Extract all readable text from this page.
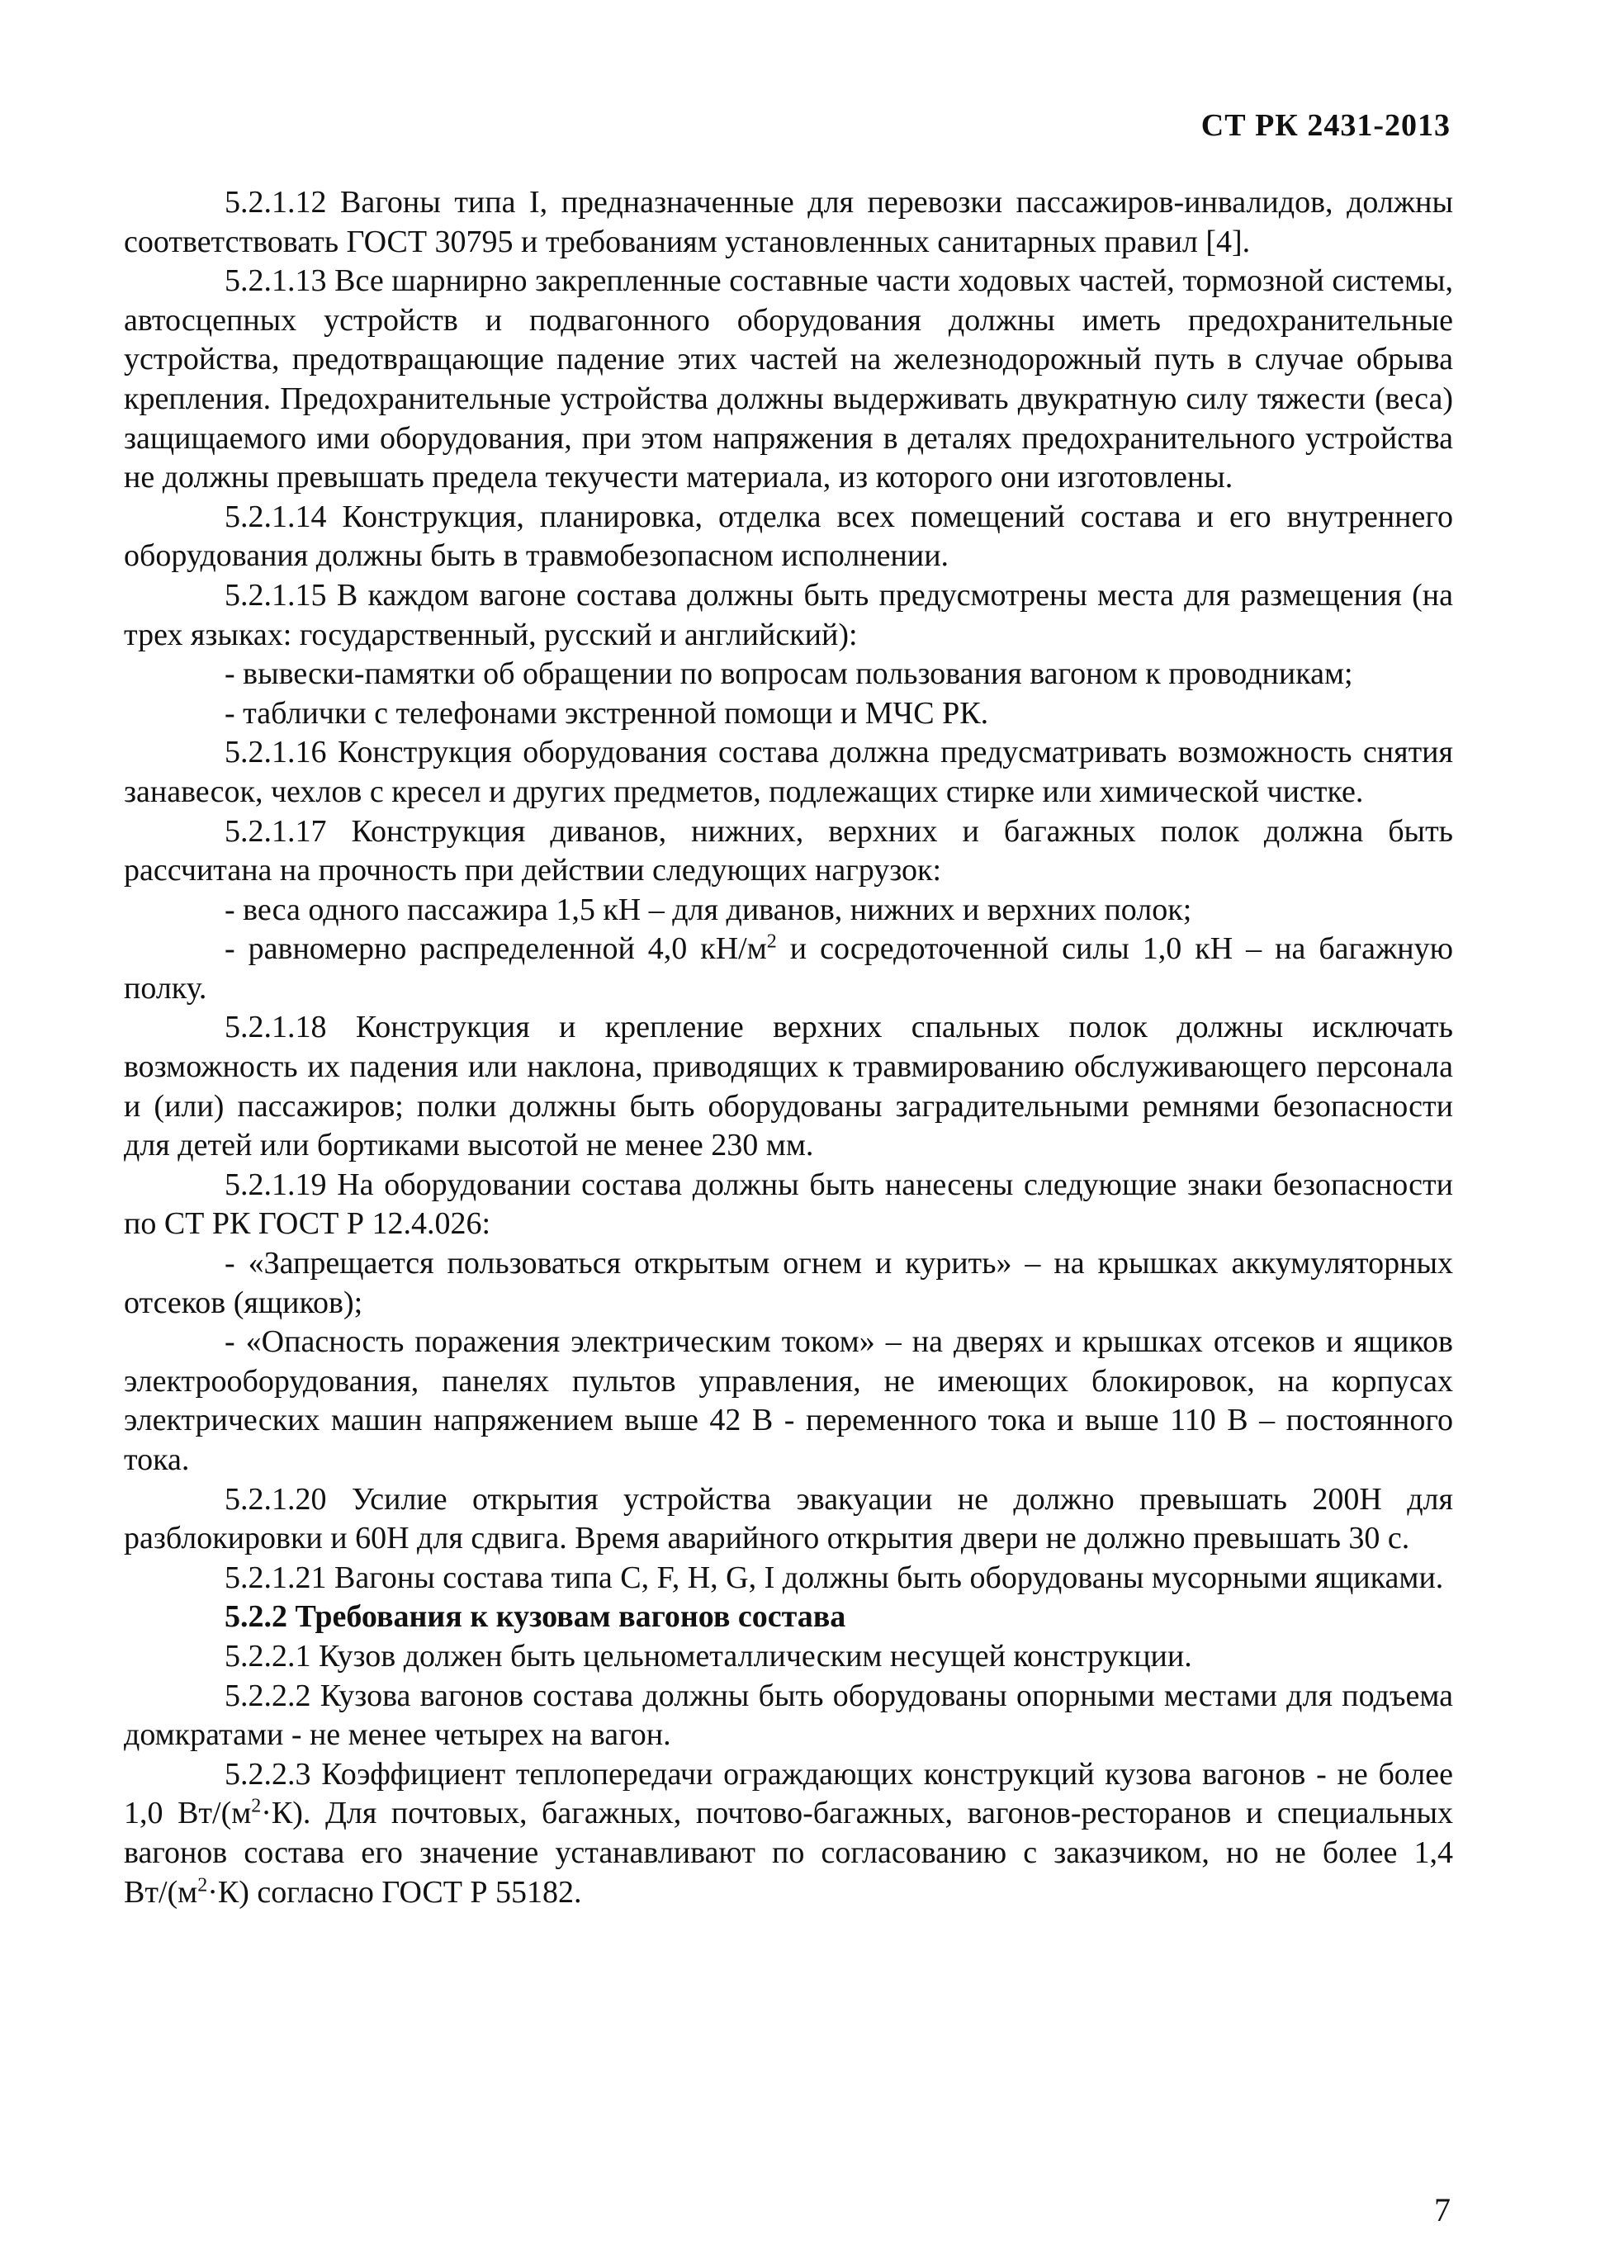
СТ РК 2431-2013

5.2.1.12 Вагоны типа I, предназначенные для перевозки пассажиров-инвалидов, должны соответствовать ГОСТ 30795 и требованиям установленных санитарных правил [4].

5.2.1.13 Все шарнирно закрепленные составные части ходовых частей, тормозной системы, автосцепных устройств и подвагонного оборудования должны иметь предохранительные устройства, предотвращающие падение этих частей на железнодорожный путь в случае обрыва крепления. Предохранительные устройства должны выдерживать двукратную силу тяжести (веса) защищаемого ими оборудования, при этом напряжения в деталях предохранительного устройства не должны превышать предела текучести материала, из которого они изготовлены.

5.2.1.14 Конструкция, планировка, отделка всех помещений состава и его внутреннего оборудования должны быть в травмобезопасном исполнении.

5.2.1.15 В каждом вагоне состава должны быть предусмотрены места для размещения (на трех языках: государственный, русский и английский):

- вывески-памятки об обращении по вопросам пользования вагоном к проводникам;

- таблички с телефонами экстренной помощи и МЧС РК.

5.2.1.16 Конструкция оборудования состава должна предусматривать возможность снятия занавесок, чехлов с кресел и других предметов, подлежащих стирке или химической чистке.

5.2.1.17 Конструкция диванов, нижних, верхних и багажных полок должна быть рассчитана на прочность при действии следующих нагрузок:

- веса одного пассажира 1,5 кН – для диванов, нижних и верхних полок;

- равномерно распределенной 4,0 $кН/м^2$ и сосредоточенной силы 1,0 кН – на багажную полку.

5.2.1.18 Конструкция и крепление верхних спальных полок должны исключать возможность их падения или наклона, приводящих к травмированию обслуживающего персонала и (или) пассажиров; полки должны быть оборудованы заградительными ремнями безопасности для детей или бортиками высотой не менее 230 мм.

5.2.1.19 На оборудовании состава должны быть нанесены следующие знаки безопасности по СТ РК ГОСТ Р 12.4.026:

- «Запрещается пользоваться открытым огнем и курить» – на крышках аккумуляторных отсеков (ящиков);

- «Опасность поражения электрическим током» – на дверях и крышках отсеков и ящиков электрооборудования, панелях пультов управления, не имеющих блокировок, на корпусах электрических машин напряжением выше 42 В - переменного тока и выше 110 В – постоянного тока.

5.2.1.20 Усилие открытия устройства эвакуации не должно превышать 200Н для разблокировки и 60Н для сдвига. Время аварийного открытия двери не должно превышать 30 с.

5.2.1.21 Вагоны состава типа C, F, H, G, I должны быть оборудованы мусорными ящиками.

5.2.2 Требования к кузовам вагонов состава

5.2.2.1 Кузов должен быть цельнометаллическим несущей конструкции.

5.2.2.2 Кузова вагонов состава должны быть оборудованы опорными местами для подъема домкратами - не менее четырех на вагон.

5.2.2.3 Коэффициент теплопередачи ограждающих конструкций кузова вагонов - не более 1,0 $Вт/(м^2\cdot К)$. Для почтовых, багажных, почтово-багажных, вагонов-ресторанов и специальных вагонов состава его значение устанавливают по согласованию с заказчиком, но не более 1,4 $Вт/(м^2\cdot К)$ согласно ГОСТ Р 55182.

7
